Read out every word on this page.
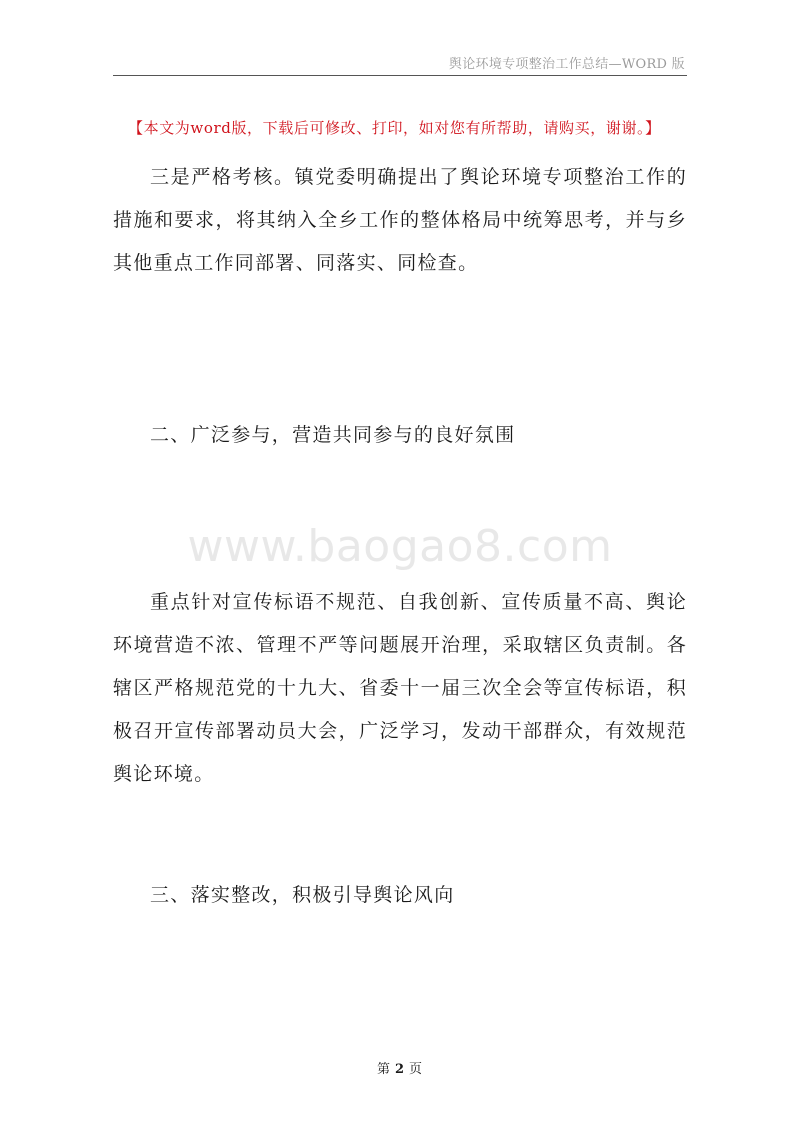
舆论环境专项整治工作总结—WORD 版
【本文为word版，下载后可修改、打印，如对您有所帮助，请购买，谢谢。】

三是严格考核。镇党委明确提出了舆论环境专项整治工作的措施和要求，将其纳入全乡工作的整体格局中统筹思考，并与乡其他重点工作同部署、同落实、同检查。

二、广泛参与，营造共同参与的良好氛围

www.baogao8.com

重点针对宣传标语不规范、自我创新、宣传质量不高、舆论环境营造不浓、管理不严等问题展开治理，采取辖区负责制。各辖区严格规范党的十九大、省委十一届三次全会等宣传标语，积极召开宣传部署动员大会，广泛学习，发动干部群众，有效规范舆论环境。

三、落实整改，积极引导舆论风向

第 2 页
